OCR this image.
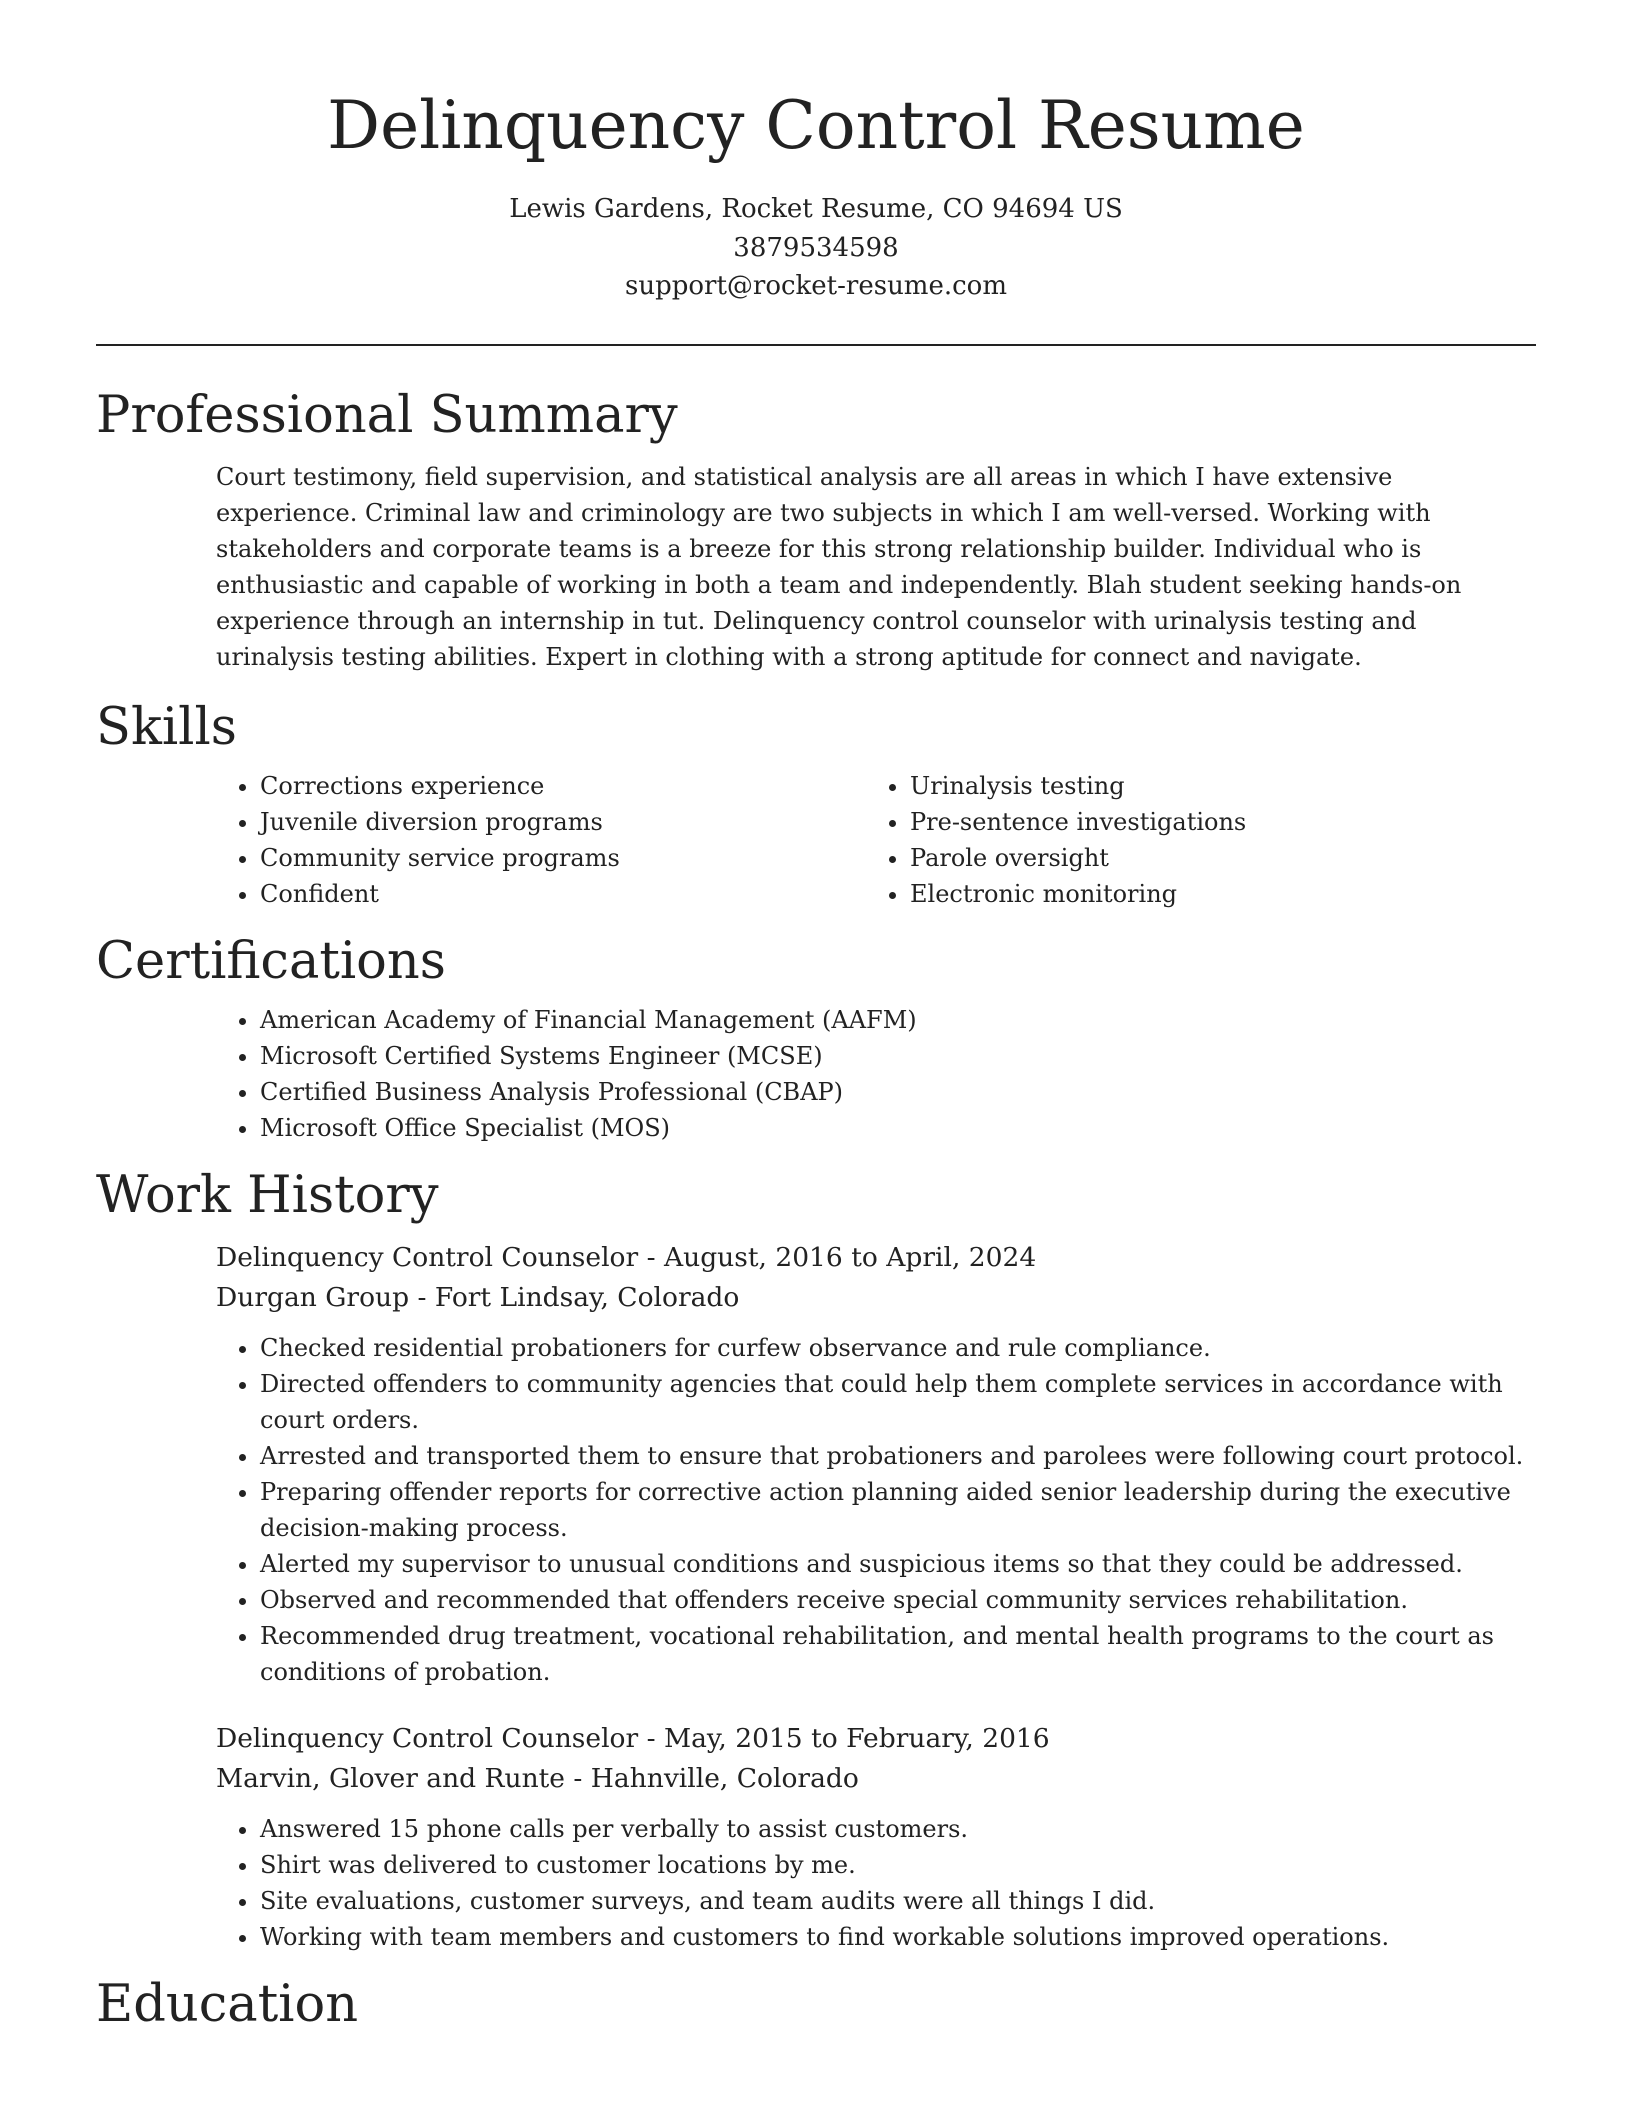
Delinquency Control Resume
Lewis Gardens, Rocket Resume, CO 94694 US
3879534598
support@rocket-resume.com
Professional Summary
Court testimony, field supervision, and statistical analysis are all areas in which I have extensive experience. Criminal law and criminology are two subjects in which I am well-versed. Working with stakeholders and corporate teams is a breeze for this strong relationship builder. Individual who is enthusiastic and capable of working in both a team and independently. Blah student seeking hands-on experience through an internship in tut. Delinquency control counselor with urinalysis testing and urinalysis testing abilities. Expert in clothing with a strong aptitude for connect and navigate.
Skills
• Corrections experience
• Juvenile diversion programs
• Community service programs
• Confident
• Urinalysis testing
• Pre-sentence investigations
• Parole oversight
• Electronic monitoring
Certifications
• American Academy of Financial Management (AAFM)
• Microsoft Certified Systems Engineer (MCSE)
• Certified Business Analysis Professional (CBAP)
• Microsoft Office Specialist (MOS)
Work History
Delinquency Control Counselor - August, 2016 to April, 2024
Durgan Group - Fort Lindsay, Colorado
• Checked residential probationers for curfew observance and rule compliance.
• Directed offenders to community agencies that could help them complete services in accordance with court orders.
• Arrested and transported them to ensure that probationers and parolees were following court protocol.
• Preparing offender reports for corrective action planning aided senior leadership during the executive decision-making process.
• Alerted my supervisor to unusual conditions and suspicious items so that they could be addressed.
• Observed and recommended that offenders receive special community services rehabilitation.
• Recommended drug treatment, vocational rehabilitation, and mental health programs to the court as conditions of probation.
Delinquency Control Counselor - May, 2015 to February, 2016
Marvin, Glover and Runte - Hahnville, Colorado
• Answered 15 phone calls per verbally to assist customers.
• Shirt was delivered to customer locations by me.
• Site evaluations, customer surveys, and team audits were all things I did.
• Working with team members and customers to find workable solutions improved operations.
Education
